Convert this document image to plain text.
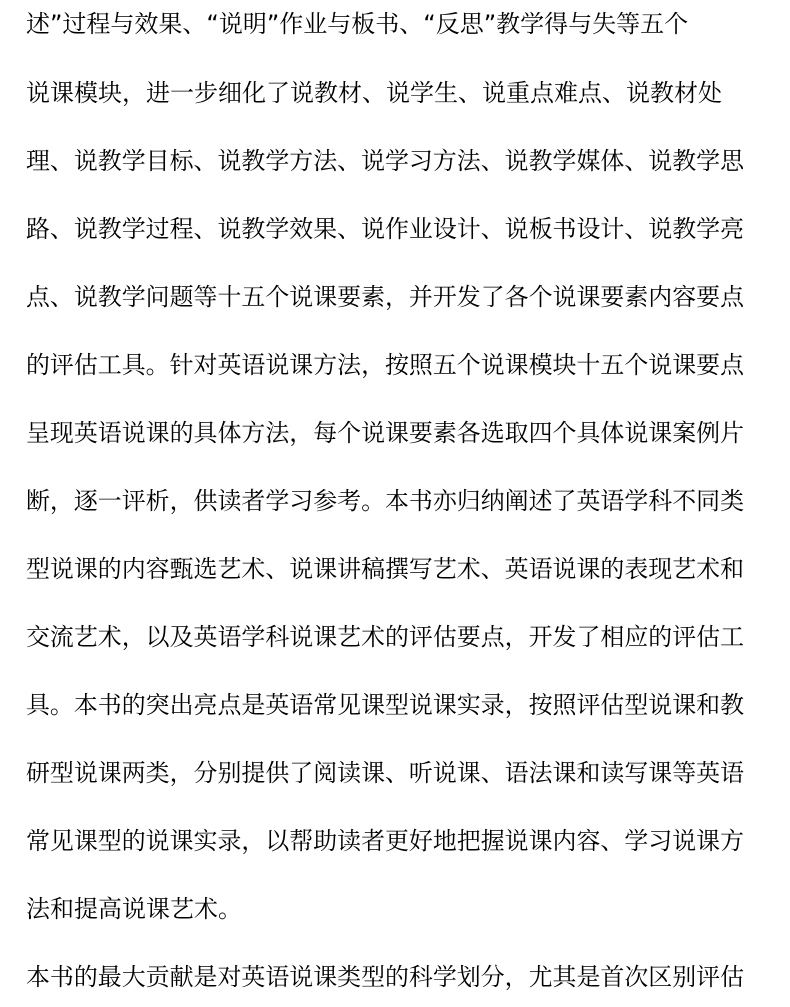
述”过程与效果、“说明”作业与板书、“反思”教学得与失等五个
说课模块，进一步细化了说教材、说学生、说重点难点、说教材处
理、说教学目标、说教学方法、说学习方法、说教学媒体、说教学思
路、说教学过程、说教学效果、说作业设计、说板书设计、说教学亮
点、说教学问题等十五个说课要素，并开发了各个说课要素内容要点
的评估工具。针对英语说课方法，按照五个说课模块十五个说课要点
呈现英语说课的具体方法，每个说课要素各选取四个具体说课案例片
断，逐一评析，供读者学习参考。本书亦归纳阐述了英语学科不同类
型说课的内容甄选艺术、说课讲稿撰写艺术、英语说课的表现艺术和
交流艺术，以及英语学科说课艺术的评估要点，开发了相应的评估工
具。本书的突出亮点是英语常见课型说课实录，按照评估型说课和教
研型说课两类，分别提供了阅读课、听说课、语法课和读写课等英语
常见课型的说课实录，以帮助读者更好地把握说课内容、学习说课方
法和提高说课艺术。
本书的最大贡献是对英语说课类型的科学划分，尤其是首次区别评估
